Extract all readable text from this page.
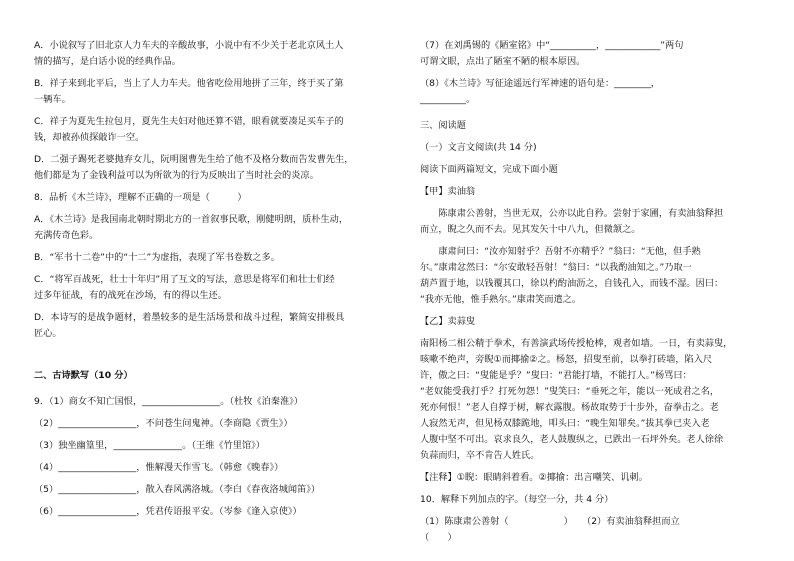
A．小说叙写了旧北京人力车夫的辛酸故事，小说中有不少关于老北京风土人
情的描写，是白话小说的经典作品。
B．祥子来到北平后，当上了人力车夫。他省吃俭用地拼了三年，终于买了第
一辆车。
C．祥子为夏先生拉包月，夏先生夫妇对他还算不错，眼看就要凑足买车子的
钱，却被孙侦探敲诈一空。
D．二强子踢死老婆抛弃女儿，阮明图曹先生给了他不及格分数而告发曹先生，
他们都是为了金钱利益可以为所欲为的行为反映出了当时社会的炎凉。
8．品析《木兰诗》，理解不正确的一项是（　　　）
A．《木兰诗》是我国南北朝时期北方的一首叙事民歌，刚健明朗，质朴生动，
充满传奇色彩。
B．“军书十二卷”中的“十二”为虚指，表现了军书卷数之多。
C．“将军百战死，壮士十年归”用了互文的写法，意思是将军们和壮士们经
过多年征战，有的战死在沙场，有的得以生还。
D．本诗写的是战争题材，着墨较多的是生活场景和战斗过程，繁简安排极具
匠心。
二、古诗默写（10 分）
9．（1）商女不知亡国恨，_________________。（杜牧《泊秦淮》）
（2）_________________，不问苍生问鬼神。（李商隐《贾生》）
（3）独坐幽篁里，_______________。（王维《竹里馆》）
（4）_________________，惟解漫天作雪飞。（韩愈《晚春》）
（5）_________________，散入春风满洛城。（李白《春夜洛城闻笛》）
（6）_________________，凭君传语报平安。（岑参《逢入京使》）
（7）在刘禹锡的《陋室铭》中“__________，____________”两句
可谓文眼，点出了陋室不陋的根本原因。
（8）《木兰诗》写征途遥远行军神速的语句是：________，
__________。
三、阅读题
（一）文言文阅读(共 14 分)
阅读下面两篇短文，完成下面小题
【甲】卖油翁
　　陈康肃公善射，当世无双，公亦以此自矜。尝射于家圃，有卖油翁释担
而立，睨之久而不去。见其发矢十中八九，但微颔之。
　　康肃问曰：“汝亦知射乎？吾射不亦精乎？”翁曰：“无他，但手熟
尔。”康肃忿然曰：“尔安敢轻吾射！”翁曰：“以我酌油知之。”乃取一
葫芦置于地，以钱覆其口，徐以杓酌油沥之，自钱孔入，而钱不湿。因曰：
“我亦无他，惟手熟尔。”康肃笑而遣之。
【乙】卖蒜叟
南阳杨二相公精于拳术，有善演武场传授枪棒，观者如墙。一日，有卖蒜叟，
咳嗽不绝声，旁睨①而揶揄②之。杨怒，招叟至前，以拳打砖墙，陷入尺
许，傲之曰：“叟能是乎？”叟曰：“君能打墙，不能打人。”杨骂曰：
“老奴能受我打乎？打死勿怨！”叟笑曰：“垂死之年，能以一死成君之名，
死亦何恨！”老人自撑于树，解衣露腹。杨故取势于十步外，奋拳击之。老
人寂然无声，但见杨双膝跪地，叩头曰：“晚生知罪矣。”拔其拳已夹入老
人腹中坚不可出。哀求良久，老人鼓腹纵之，已跌出一石坪外矣。老人徐徐
负蒜而归，卒不肯告人姓氏。
【注释】①睨：眼睛斜着看。②揶揄：出言嘲笑、讥刺。
10．解释下列加点的字。（每空一分，共 4 分）
（1）陈康肃公善射（　　　　　　）　　（2）有卖油翁释担而立
（　　）
